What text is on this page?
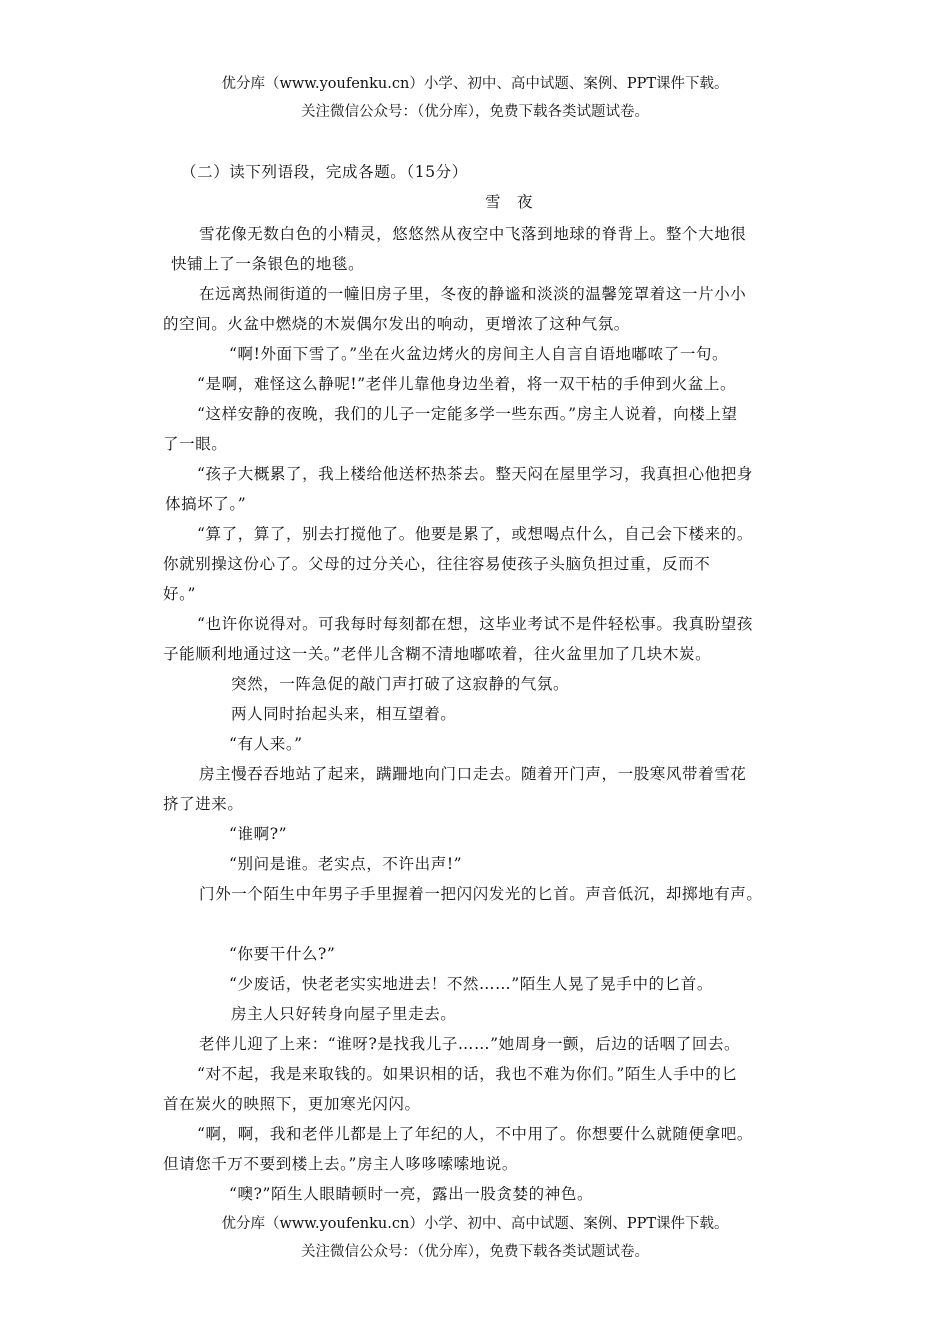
优分库（www.youfenku.cn）小学、初中、高中试题、案例、PPT课件下载。
关注微信公众号：（优分库），免费下载各类试题试卷。
（二）读下列语段，完成各题。（15分）
雪　夜
雪花像无数白色的小精灵，悠悠然从夜空中飞落到地球的脊背上。整个大地很
快铺上了一条银色的地毯。
在远离热闹街道的一幢旧房子里，冬夜的静谧和淡淡的温馨笼罩着这一片小小
的空间。火盆中燃烧的木炭偶尔发出的响动，更增浓了这种气氛。
“啊!外面下雪了。”坐在火盆边烤火的房间主人自言自语地嘟哝了一句。
“是啊，难怪这么静呢!”老伴儿靠他身边坐着，将一双干枯的手伸到火盆上。
“这样安静的夜晚，我们的儿子一定能多学一些东西。”房主人说着，向楼上望
了一眼。
“孩子大概累了，我上楼给他送杯热茶去。整天闷在屋里学习，我真担心他把身
体搞坏了。”
“算了，算了，别去打搅他了。他要是累了，或想喝点什么，自己会下楼来的。
你就别操这份心了。父母的过分关心，往往容易使孩子头脑负担过重，反而不
好。”
“也许你说得对。可我每时每刻都在想，这毕业考试不是件轻松事。我真盼望孩
子能顺利地通过这一关。”老伴儿含糊不清地嘟哝着，往火盆里加了几块木炭。
突然，一阵急促的敲门声打破了这寂静的气氛。
两人同时抬起头来，相互望着。
“有人来。”
房主慢吞吞地站了起来，蹒跚地向门口走去。随着开门声，一股寒风带着雪花
挤了进来。
“谁啊?”
“别问是谁。老实点，不许出声!”
门外一个陌生中年男子手里握着一把闪闪发光的匕首。声音低沉，却掷地有声。
“你要干什么?”
“少废话，快老老实实地进去！不然……”陌生人晃了晃手中的匕首。
房主人只好转身向屋子里走去。
老伴儿迎了上来：“谁呀?是找我儿子……”她周身一颤，后边的话咽了回去。
“对不起，我是来取钱的。如果识相的话，我也不难为你们。”陌生人手中的匕
首在炭火的映照下，更加寒光闪闪。
“啊，啊，我和老伴儿都是上了年纪的人，不中用了。你想要什么就随便拿吧。
但请您千万不要到楼上去。”房主人哆哆嗦嗦地说。
“噢?”陌生人眼睛顿时一亮，露出一股贪婪的神色。
优分库（www.youfenku.cn）小学、初中、高中试题、案例、PPT课件下载。
关注微信公众号：（优分库），免费下载各类试题试卷。
